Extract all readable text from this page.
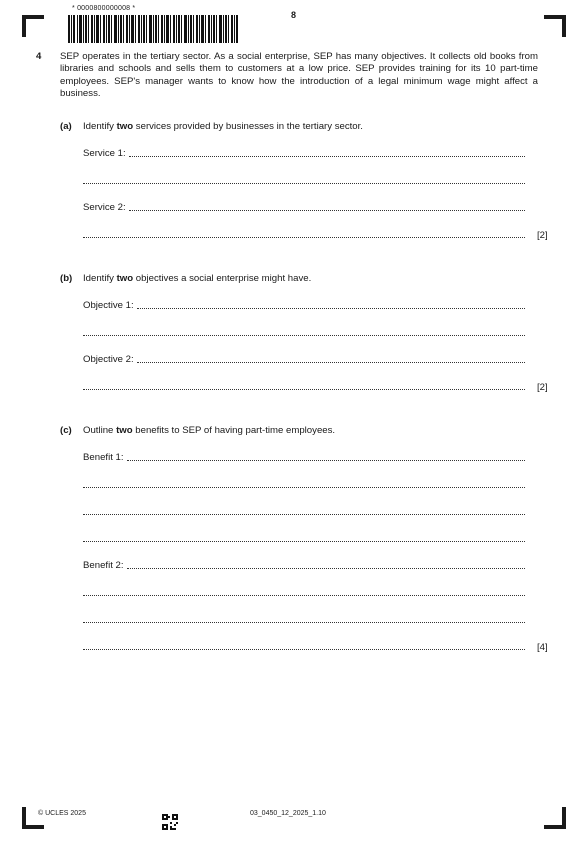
* 0000800000008 *
8
4 SEP operates in the tertiary sector. As a social enterprise, SEP has many objectives. It collects old books from libraries and schools and sells them to customers at a low price. SEP provides training for its 10 part-time employees. SEP's manager wants to know how the introduction of a legal minimum wage might affect a business.
(a) Identify two services provided by businesses in the tertiary sector.
Service 1:
Service 2:
[2]
(b) Identify two objectives a social enterprise might have.
Objective 1:
Objective 2:
[2]
(c) Outline two benefits to SEP of having part-time employees.
Benefit 1:
Benefit 2:
[4]
© UCLES 2025	03_0450_12_2025_1.10
